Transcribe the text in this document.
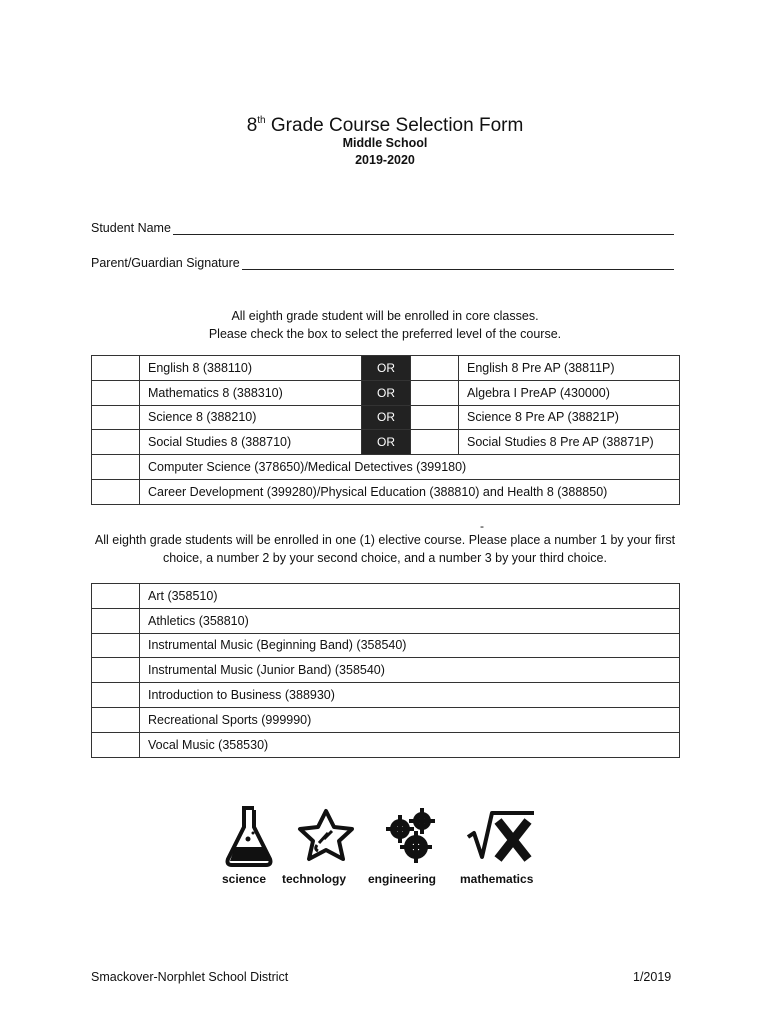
8th Grade Course Selection Form
Middle School
2019-2020
Student Name
Parent/Guardian Signature
All eighth grade student will be enrolled in core classes.
Please check the box to select the preferred level of the course.
	English 8 (388110)	OR		English 8 Pre AP (38811P)
	Mathematics 8 (388310)	OR		Algebra I PreAP (430000)
	Science 8 (388210)	OR		Science 8 Pre AP (38821P)
	Social Studies 8 (388710)	OR		Social Studies 8 Pre AP (38871P)
	Computer Science (378650)/Medical Detectives (399180)			
	Career Development (399280)/Physical Education (388810) and Health 8 (388850)			
-
All eighth grade students will be enrolled in one (1) elective course. Please place a number 1 by your first
choice, a number 2 by your second choice, and a number 3 by your third choice.
	Art (358510)
	Athletics (358810)
	Instrumental Music (Beginning Band) (358540)
	Instrumental Music (Junior Band) (358540)
	Introduction to Business (388930)
	Recreational Sports (999990)
	Vocal Music (358530)
science technology engineering mathematics
Smackover-Norphlet School District	1/2019
